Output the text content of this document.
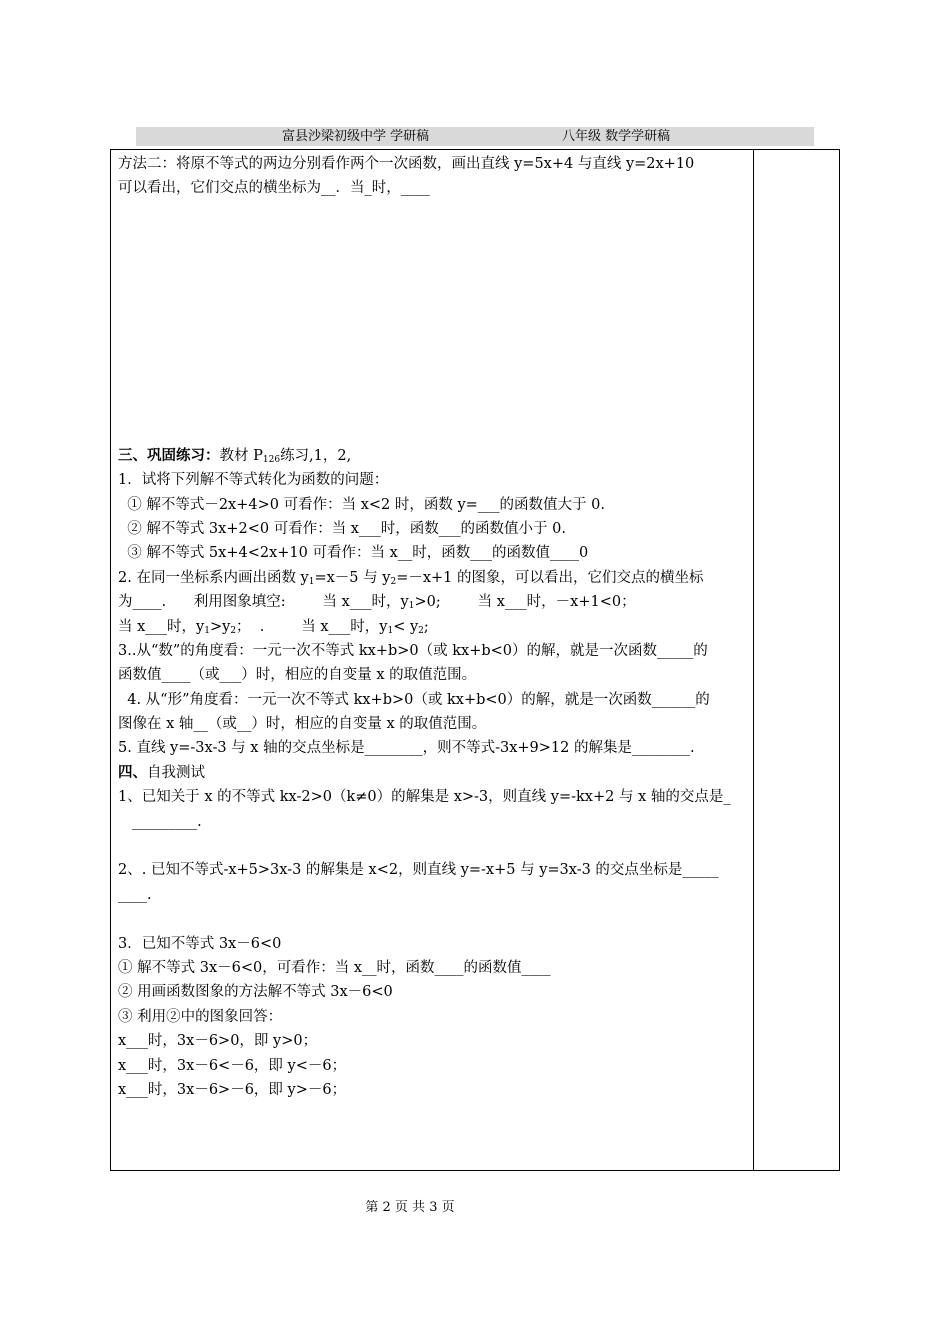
富县沙梁初级中学 学研稿	八年级 数学学研稿

方法二：将原不等式的两边分别看作两个一次函数，画出直线 y=5x+4 与直线 y=2x+10

可以看出，它们交点的横坐标为__．当_时，____

三、巩固练习：教材 $P_{126}$练习,1，2,

1．试将下列解不等式转化为函数的问题：

① 解不等式－2x+4>0 可看作：当 x<2 时，函数 y=___的函数值大于 0.

② 解不等式 3x+2<0 可看作：当 x___时，函数___的函数值小于 0.

③ 解不等式 5x+4<2x+10 可看作：当 x__时，函数___的函数值____0

2. 在同一坐标系内画出函数 $y_1=x-5$ 与 $y_2=-x+1$ 的图象，可以看出，它们交点的横坐标

为____.      利用图象填空:        当 x___时，$y_1>0$;        当 x___时，－x+1<0；

当 x___时，$y_1>y_2$；  .        当 x___时，$y_1< y_2$;

3..从“数”的角度看：一元一次不等式 kx+b>0（或 kx+b<0）的解，就是一次函数_____的

函数值____（或___）时，相应的自变量 x 的取值范围。

4. 从“形”角度看：一元一次不等式 kx+b>0（或 kx+b<0）的解，就是一次函数______的

图像在 x 轴__（或__）时，相应的自变量 x 的取值范围。

5. 直线 y=-3x-3 与 x 轴的交点坐标是________，则不等式-3x+9>12 的解集是________.

四、自我测试

1、已知关于 x 的不等式 kx-2>0（k≠0）的解集是 x>-3，则直线 y=-kx+2 与 x 轴的交点是_

_________.

2、. 已知不等式-x+5>3x-3 的解集是 x<2，则直线 y=-x+5 与 y=3x-3 的交点坐标是_____

____.

3．已知不等式 3x－6<0

① 解不等式 3x－6<0，可看作：当 x__时，函数____的函数值____

② 用画函数图象的方法解不等式 3x－6<0

③ 利用②中的图象回答：

x___时，3x－6>0，即 y>0；

x___时，3x－6<－6，即 y<－6；

x___时，3x－6>－6，即 y>－6；

第 2 页 共 3 页
